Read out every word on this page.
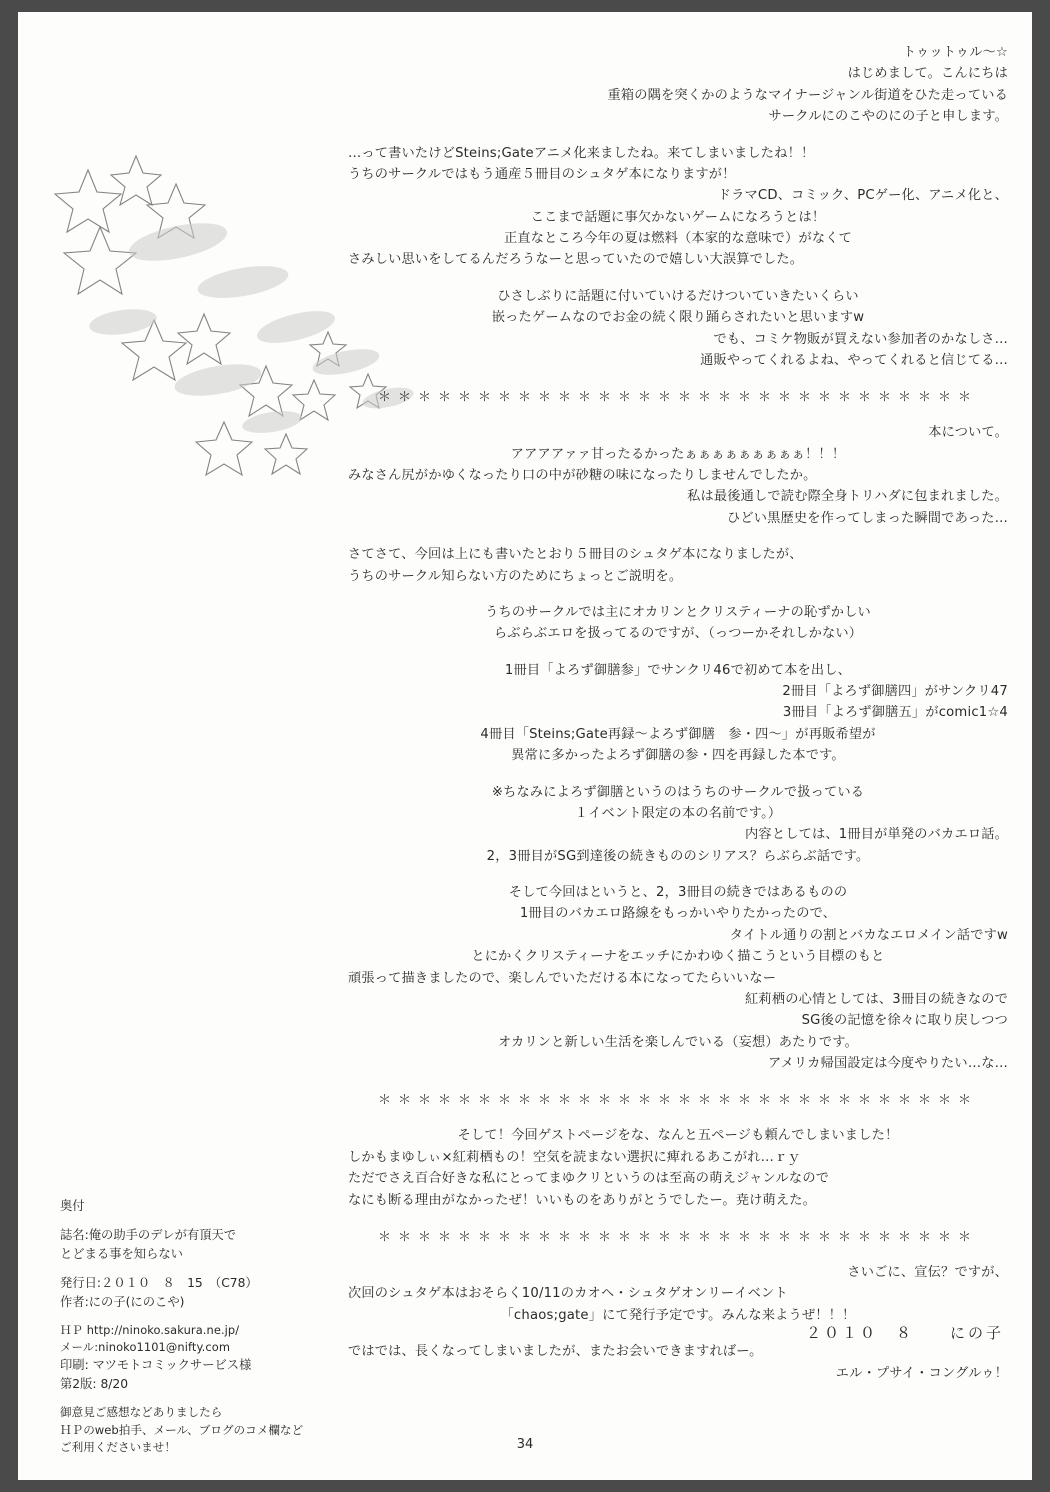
トゥットゥル～☆
はじめまして。こんにちは
重箱の隅を突くかのようなマイナージャンル街道をひた走っている
サークルにのこやのにの子と申します。
…って書いたけどSteins;Gateアニメ化来ましたね。来てしまいましたね！！
うちのサークルではもう通産５冊目のシュタゲ本になりますが！
ドラマCD、コミック、PCゲー化、アニメ化と、
ここまで話題に事欠かないゲームになろうとは！
正直なところ今年の夏は燃料（本家的な意味で）がなくて
さみしい思いをしてるんだろうなーと思っていたので嬉しい大誤算でした。
ひさしぶりに話題に付いていけるだけついていきたいくらい
嵌ったゲームなのでお金の続く限り踊らされたいと思いますw
でも、コミケ物販が買えない参加者のかなしさ…
通販やってくれるよね、やってくれると信じてる…
＊＊＊＊＊＊＊＊＊＊＊＊＊＊＊＊＊＊＊＊＊＊＊＊＊＊＊＊＊＊
本について。
アアアアァァ甘ったるかったぁぁぁぁぁぁぁぁぁ！！！
みなさん尻がかゆくなったり口の中が砂糖の味になったりしませんでしたか。
私は最後通しで読む際全身トリハダに包まれました。
ひどい黒歴史を作ってしまった瞬間であった…
さてさて、今回は上にも書いたとおり５冊目のシュタゲ本になりましたが、
うちのサークル知らない方のためにちょっとご説明を。
うちのサークルでは主にオカリンとクリスティーナの恥ずかしい
らぶらぶエロを扱ってるのですが、（っつーかそれしかない）
1冊目「よろず御膳参」でサンクリ46で初めて本を出し、
2冊目「よろず御膳四」がサンクリ47
3冊目「よろず御膳五」がcomic1☆4
4冊目「Steins;Gate再録～よろず御膳　参・四～」が再販希望が
異常に多かったよろず御膳の参・四を再録した本です。
※ちなみによろず御膳というのはうちのサークルで扱っている
１イベント限定の本の名前です。）
内容としては、1冊目が単発のバカエロ話。
2，3冊目がSG到達後の続きもののシリアス？らぶらぶ話です。
そして今回はというと、2，3冊目の続きではあるものの
1冊目のバカエロ路線をもっかいやりたかったので、
タイトル通りの割とバカなエロメイン話ですw
とにかくクリスティーナをエッチにかわゆく描こうという目標のもと
頑張って描きましたので、楽しんでいただける本になってたらいいなー
紅莉栖の心情としては、3冊目の続きなので
SG後の記憶を徐々に取り戻しつつ
オカリンと新しい生活を楽しんでいる（妄想）あたりです。
アメリカ帰国設定は今度やりたい…な…
＊＊＊＊＊＊＊＊＊＊＊＊＊＊＊＊＊＊＊＊＊＊＊＊＊＊＊＊＊＊
そして！今回ゲストページをな、なんと五ページも頼んでしまいました！
しかもまゆしぃ×紅莉栖もの！空気を読まない選択に痺れるあこがれ…ｒｙ
ただでさえ百合好きな私にとってまゆクリというのは至高の萌えジャンルなので
なにも断る理由がなかったぜ！いいものをありがとうでしたー。尭け萌えた。
＊＊＊＊＊＊＊＊＊＊＊＊＊＊＊＊＊＊＊＊＊＊＊＊＊＊＊＊＊＊
さいごに、宣伝？ですが、
次回のシュタゲ本はおそらく10/11のカオヘ・シュタゲオンリーイベント
「chaos;gate」にて発行予定です。みんな来ようぜ！！！
ではでは、長くなってしまいましたが、またお会いできますればー。
エル・プサイ・コングルゥ！
奥付
誌名:俺の助手のデレが有頂天で
とどまる事を知らない
発行日:２０１０　８　15　（C78）
作者:にの子(にのこや)
ＨＰ http://ninoko.sakura.ne.jp/
メール:ninoko1101@nifty.com
印刷: マツモトコミックサービス様
第2版: 8/20
御意見ご感想などありましたら
ＨＰのweb拍手、メール、ブログのコメ欄など
ご利用くださいませ！
２０１０　８　　にの子
34
